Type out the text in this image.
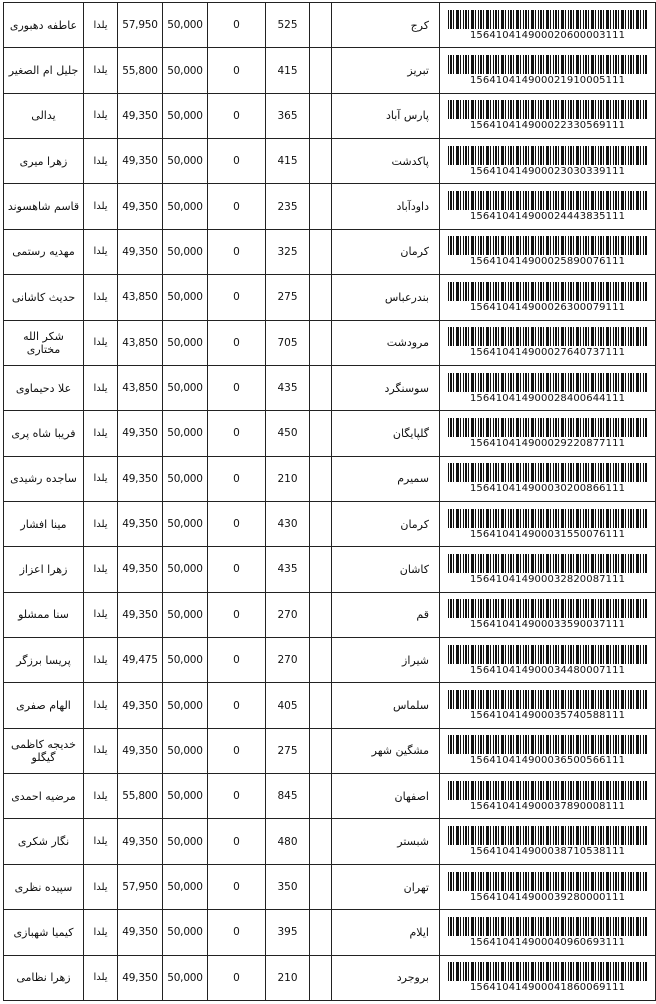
عاطفه دهبوری	یلدا	57,950	50,000	0	525		کرج	156410414900020600003111

جلیل ام الصغیر	یلدا	55,800	50,000	0	415		تبریز	156410414900021910005111

یدالی	یلدا	49,350	50,000	0	365		پارس آباد	156410414900022330569111

زهرا میری	یلدا	49,350	50,000	0	415		پاکدشت	156410414900023030339111

قاسم شاهسوند	یلدا	49,350	50,000	0	235		داودآباد	156410414900024443835111

مهدیه رستمی	یلدا	49,350	50,000	0	325		کرمان	156410414900025890076111

حدیث کاشانی	یلدا	43,850	50,000	0	275		بندرعباس	156410414900026300079111

شکر الله مختاری	یلدا	43,850	50,000	0	705		مرودشت	156410414900027640737111

علا دحیماوی	یلدا	43,850	50,000	0	435		سوسنگرد	156410414900028400644111

فریبا شاه پری	یلدا	49,350	50,000	0	450		گلپایگان	156410414900029220877111

ساجده رشیدی	یلدا	49,350	50,000	0	210		سمیرم	156410414900030200866111

مینا افشار	یلدا	49,350	50,000	0	430		کرمان	156410414900031550076111

زهرا اعزاز	یلدا	49,350	50,000	0	435		کاشان	156410414900032820087111

سنا ممشلو	یلدا	49,350	50,000	0	270		قم	156410414900033590037111

پریسا برزگر	یلدا	49,475	50,000	0	270		شیراز	156410414900034480007111

الهام صفری	یلدا	49,350	50,000	0	405		سلماس	156410414900035740588111

خدیجه کاظمی گیگلو	یلدا	49,350	50,000	0	275		مشگین شهر	156410414900036500566111

مرضیه احمدی	یلدا	55,800	50,000	0	845		اصفهان	156410414900037890008111

نگار شکری	یلدا	49,350	50,000	0	480		شبستر	156410414900038710538111

سپیده نظری	یلدا	57,950	50,000	0	350		تهران	156410414900039280000111

کیمیا شهبازی	یلدا	49,350	50,000	0	395		ایلام	156410414900040960693111

زهرا نظامی	یلدا	49,350	50,000	0	210		بروجرد	156410414900041860069111
